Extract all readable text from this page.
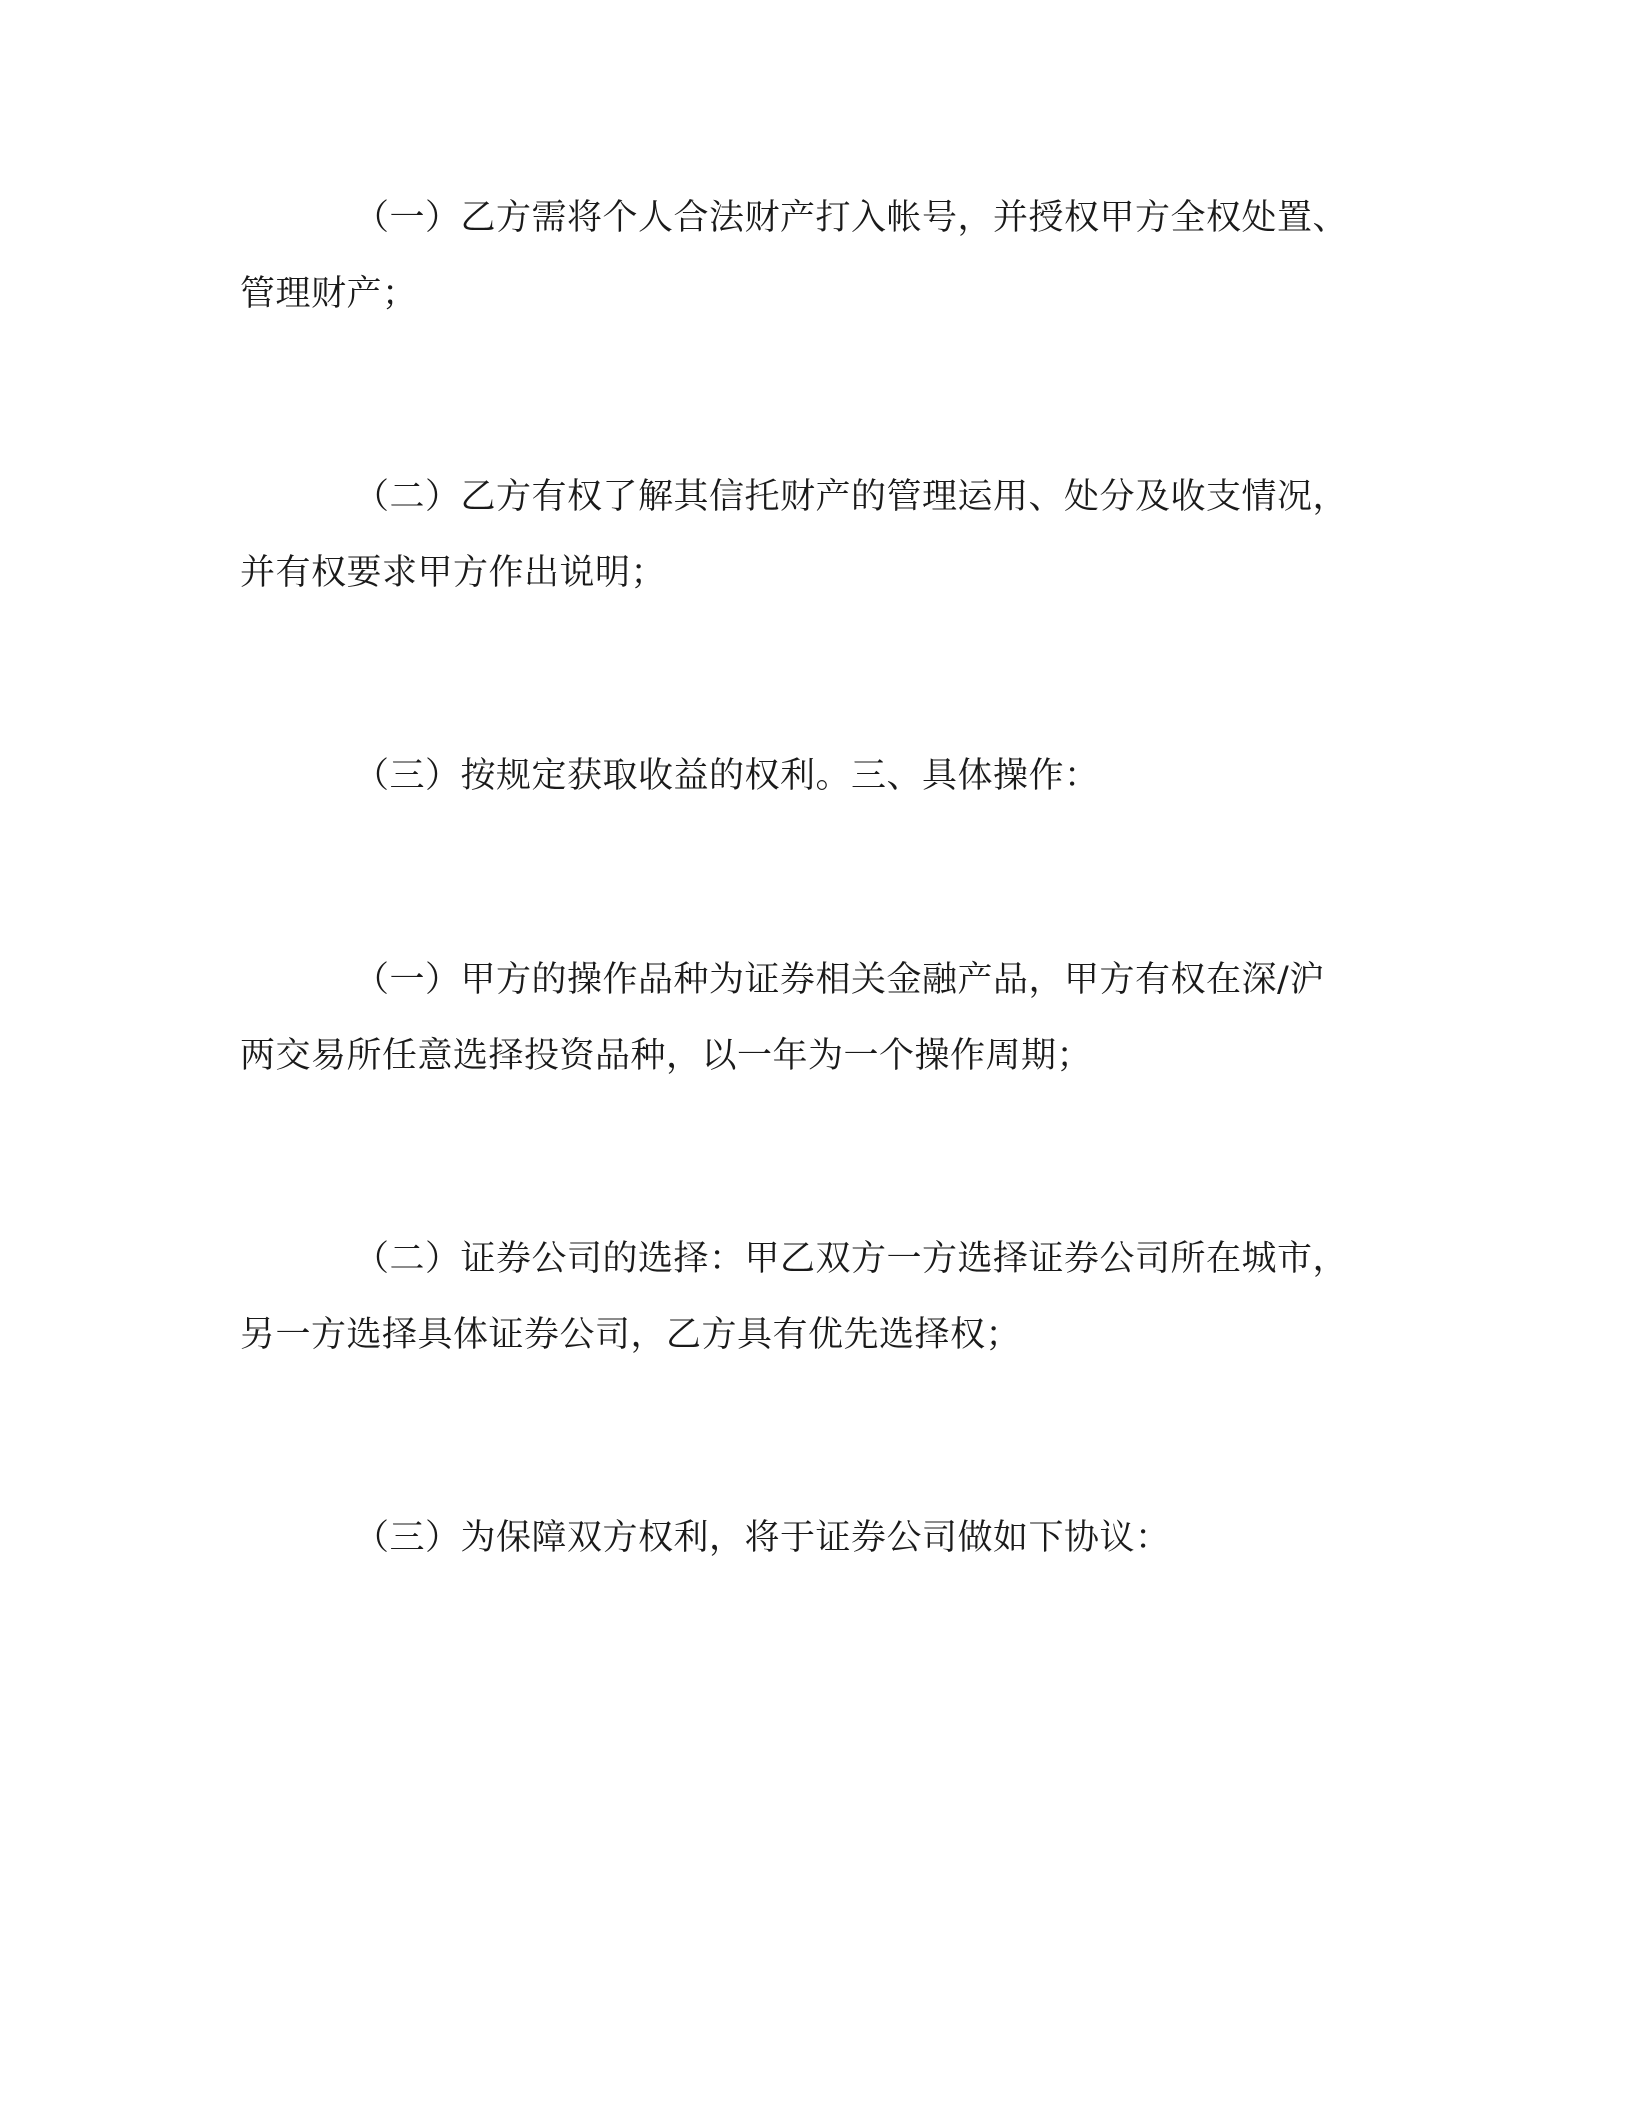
（一）乙方需将个人合法财产打入帐号，并授权甲方全权处置、
管理财产；

（二）乙方有权了解其信托财产的管理运用、处分及收支情况，
并有权要求甲方作出说明；

（三）按规定获取收益的权利。三、具体操作：

（一）甲方的操作品种为证券相关金融产品，甲方有权在深/沪
两交易所任意选择投资品种，以一年为一个操作周期；

（二）证券公司的选择：甲乙双方一方选择证券公司所在城市，
另一方选择具体证券公司，乙方具有优先选择权；

（三）为保障双方权利，将于证券公司做如下协议：
